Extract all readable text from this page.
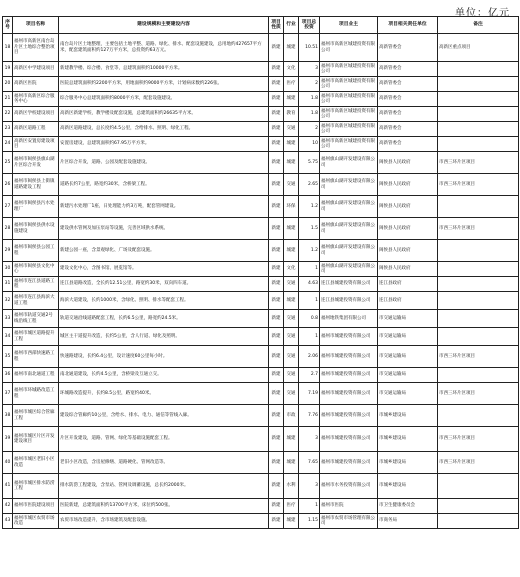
单位：亿元
序号	项目名称	建设规模和主要建设内容	项目性质	行业	项目总投资	项目业主	项目相关责任单位	备注
18	福州市高新区南台岛片区土地综合整治项目	南台岛片区土地整理，主要包括土地平整、道路、绿化、排水、配套设施建设，总用地约427657平方米，配套建筑面积约127万平方米，总投资约63万元。	新建	城建	10.51	福州市高新区城建投资有限公司	高新管委会	高新区重点项目
19	高新区中学建设项目	新建教学楼、综合楼、食堂等，总建筑面积约10000平方米。	新建	文化	3	福州市高新区城建投资有限公司	高新管委会	
20	高新区医院	医院总建筑面积约2200平方米，用地面积约9000平方米，计划病床数约226张。	新建	医疗	2	福州市高新区城建投资有限公司	高新管委会	
21	福州市高新区综合服务中心	综合服务中心总建筑面积约8000平方米，配套设施建设。	新建	城建	1.8	福州市高新区城建投资有限公司	高新管委会	
22	高新区学校建设项目	高新区新建学校，教学楼及配套设施，总建筑面积约26635平方米。	新建	教育	1.8	福州市高新区城建投资有限公司	高新管委会	
23	高新区道路工程	高新区道路建设，总长度约4.5公里，含给排水、照明、绿化工程。	新建	交通	2	福州市高新区城建投资有限公司	高新管委会	
24	高新区安置房建设项目	安置房建设，总建筑面积约67.95万平方米。	新建	城建	10	福州市高新区城建投资有限公司	高新管委会	
25	福州市闽侯县旗山湖片区综合开发	片区综合开发，道路、公园及配套设施建设。	新建	城建	5.75	福州旗山湖开发建设有限公司	闽侯县人民政府	市西三环片区项目
26	福州市闽侯县上街镇道路建设工程	道路长约7公里，路宽约30米，含桥梁工程。	新建	交通	2.65	福州旗山湖开发建设有限公司	闽侯县人民政府	市西三环片区项目
27	福州市闽侯县污水处理厂	新建污水处理厂1座，日处理能力约3万吨，配套管网建设。	新建	环保	1.2	福州旗山湖开发建设有限公司	闽侯县人民政府	
28	福州市闽侯县供水设施建设	建设供水管网及加压泵站等设施，完善区域供水系统。	新建	城建	1.5	福州旗山湖开发建设有限公司	闽侯县人民政府	市西三环片区项目
29	福州市闽侯县公园工程	新建公园一座，含景观绿化、广场及配套设施。	新建	城建	1.2	福州旗山湖开发建设有限公司	闽侯县人民政府	
30	福州市闽侯县文化中心	建设文化中心，含图书馆、展览馆等。	新建	文化	1	福州旗山湖开发建设有限公司	闽侯县人民政府	
31	福州市连江县道路工程	连江县道路改造，全长约12.51公里，路宽约30米，双向四车道。	新建	交通	4.63	连江县城建投资有限公司	连江县政府	
32	福州市连江县海滨大道工程	海滨大道建设，长约1000米，含绿化、照明、排水等配套工程。	新建	城建	1	连江县城建投资有限公司	连江县政府	
33	福州市轨道交通2号线沿线工程	轨道交通沿线道路配套工程，长约6.5公里，路宽约24.5米。	新建	交通	0.8	福州地铁集团有限公司	市交通运输局	
34	福州市城区道路提升工程	城区主干道提升改造，长约5公里，含人行道、绿化及照明。	新建	交通	1	福州市城建投资有限公司	市交通运输局	
35	福州市西部快速路工程	快速路建设，长约6.4公里，设计速度60公里每小时。	新建	交通	2.06	福州市城建投资有限公司	市交通运输局	市西三环片区项目
36	福州市南北通道工程	南北通道建设，长约4.5公里，含桥梁及互通立交。	新建	交通	2.7	福州市城建投资有限公司	市交通运输局	
37	福州市环城路改造工程	环城路改造提升，长约8.5公里，路宽约40米。	新建	交通	7.19	福州市城建投资有限公司	市交通运输局	市西三环片区项目
38	福州市城区综合管廊工程	建设综合管廊约10公里，含给水、排水、电力、通信等管线入廊。	新建	市政	7.76	福州市城建投资有限公司	市城乡建设局	
39	福州市城区片区开发建设项目	片区开发建设，道路、管网、绿化等基础设施配套工程。	新建	城建	3	福州市城建投资有限公司	市城乡建设局	市西三环片区项目
40	福州市城区老旧小区改造	老旧小区改造，含房屋修缮、道路硬化、管网改造等。	新建	城建	7.65	福州市城建投资有限公司	市城乡建设局	市西三环片区项目
41	福州市城区排水防涝工程	排水防涝工程建设，含泵站、管网及调蓄设施，总长约2000米。	新建	水利	3	福州市水务投资有限公司	市城乡建设局	
42	福州市医院建设项目	医院新建，总建筑面积约13700平方米，床位约500张。	新建	医疗	1	福州市医院	市卫生健康委员会	
43	福州市城区农贸市场改造	农贸市场改造提升，含市场建筑及配套设施。	新建	城建	1.15	福州市农贸市场管理有限公司	市商务局	
